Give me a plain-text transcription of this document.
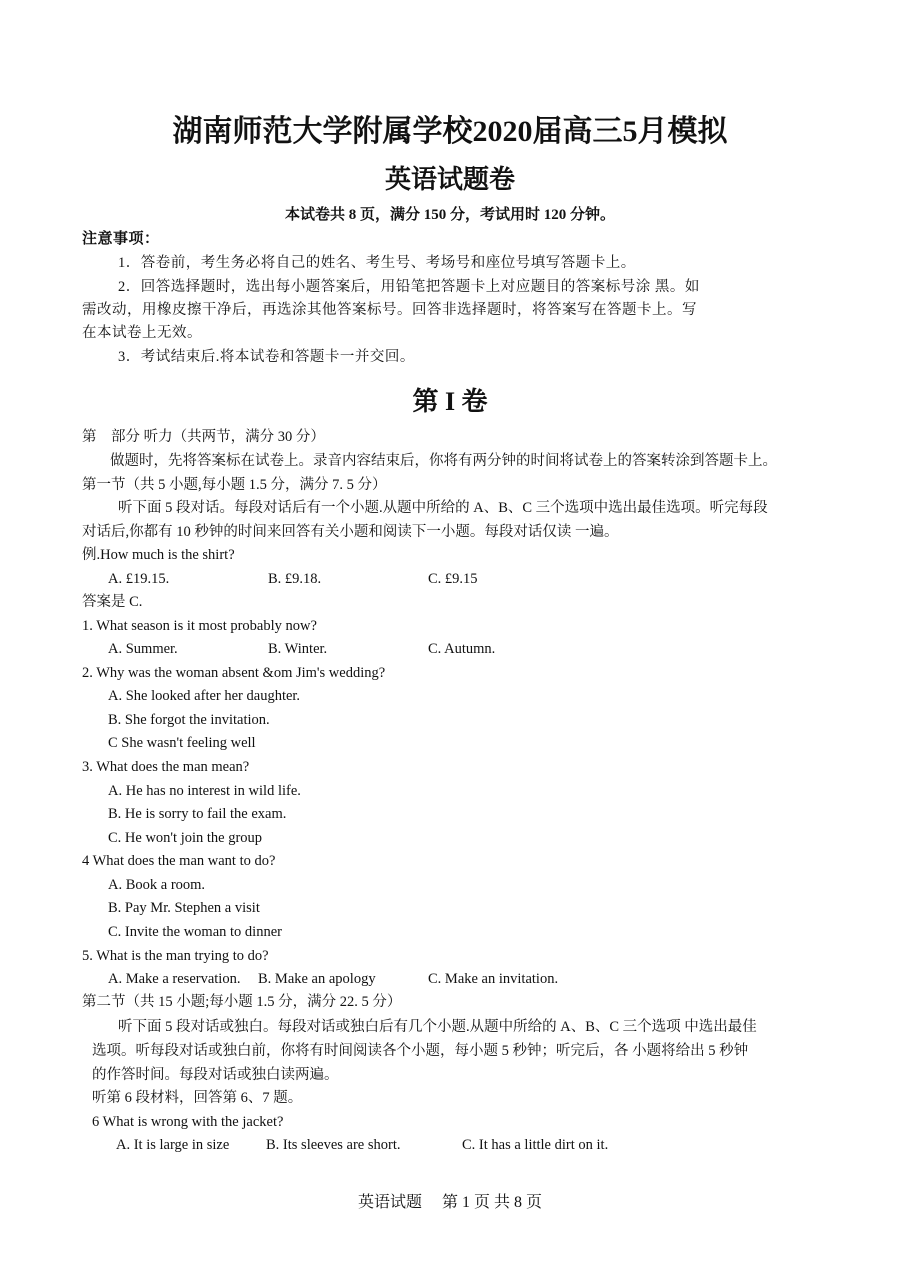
湖南师范大学附属学校2020届高三5月模拟
英语试题卷
本试卷共 8 页，满分 150 分，考试用时 120 分钟。
注意事项：
1．答卷前，考生务必将自己的姓名、考生号、考场号和座位号填写答题卡上。
2．回答选择题时，选出每小题答案后，用铅笔把答题卡上对应题目的答案标号涂 黑。如
需改动，用橡皮擦干净后，再选涂其他答案标号。回答非选择题时，将答案写在答题卡上。写
在本试卷上无效。
3．考试结束后.将本试卷和答题卡一并交回。
第 I 卷
第　部分 听力（共两节，满分 30 分）
做题时，先将答案标在试卷上。录音内容结束后，你将有两分钟的时间将试卷上的答案转涂到答题卡上。
第一节（共 5 小题,每小题 1.5 分，满分 7. 5 分）
听下面 5 段对话。每段对话后有一个小题.从题中所给的 A、B、C 三个选项中选出最佳选项。听完每段
对话后,你都有 10 秒钟的时间来回答有关小题和阅读下一小题。每段对话仅读 一遍。
例.How much is the shirt?
A. £19.15.	B. £9.18.	C. £9.15
答案是 C.
1. What season is it most probably now?
A. Summer.	B. Winter.	C. Autumn.
2. Why was the woman absent &om Jim's wedding?
A. She looked after her daughter.
B. She forgot the invitation.
C She wasn't feeling well
3. What does the man mean?
A. He has no interest in wild life.
B. He is sorry to fail the exam.
C. He won't join the group
4 What does the man want to do?
A. Book a room.
B. Pay Mr. Stephen a visit
C. Invite the woman to dinner
5. What is the man trying to do?
A. Make a reservation. B. Make an apology	C. Make an invitation.
第二节（共 15 小题;每小题 1.5 分，满分 22. 5 分）
听下面 5 段对话或独白。每段对话或独白后有几个小题.从题中所给的 A、B、C 三个选项 中选出最佳
选项。听每段对话或独白前，你将有时间阅读各个小题，每小题 5 秒钟；听完后，各 小题将给出 5 秒钟
的作答时间。每段对话或独白读两遍。
听第 6 段材料，回答第 6、7 题。
6 What is wrong with the jacket?
A. It is large in size	B. Its sleeves are short.	C. It has a little dirt on it.
英语试题　 第 1 页 共 8 页
